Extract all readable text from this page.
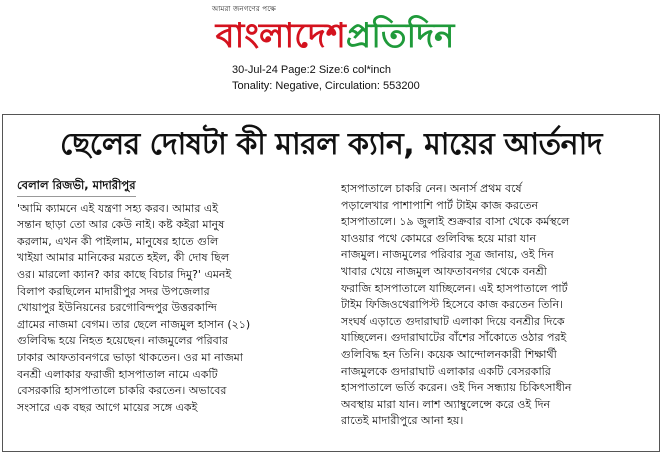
আমরা জনগণের পক্ষে
বাংলাদেশপ্রতিদিন
30-Jul-24 Page:2 Size:6 col*inch
Tonality: Negative, Circulation: 553200
ছেলের দোষটা কী মারল ক্যান, মায়ের আর্তনাদ
বেলাল রিজভী, মাদারীপুর
'আমি ক্যামনে এই যন্ত্রণা সহ্য করব। আমার এই
সন্তান ছাড়া তো আর কেউ নাই। কষ্ট কইরা মানুষ
করলাম, এখন কী পাইলাম, মানুষের হাতে গুলি
খাইয়া আমার মানিকের মরতে হইল, কী দোষ ছিল
ওর। মারলো ক্যান? কার কাছে বিচার দিমু?' এমনই
বিলাপ করছিলেন মাদারীপুর সদর উপজেলার
খোয়াপুর ইউনিয়নের চরগোবিন্দপুর উত্তরকান্দি
গ্রামের নাজমা বেগম। তার ছেলে নাজমুল হাসান (২১)
গুলিবিদ্ধ হয়ে নিহত হয়েছেন। নাজমুলের পরিবার
ঢাকার আফতাবনগরে ভাড়া থাকতেন। ওর মা নাজমা
বনশ্রী এলাকার ফরাজী হাসপাতাল নামে একটি
বেসরকারি হাসপাতালে চাকরি করতেন। অভাবের
সংসারে এক বছর আগে মায়ের সঙ্গে একই
হাসপাতালে চাকরি নেন। অনার্স প্রথম বর্ষে
পড়ালেখার পাশাপাশি পার্ট টাইম কাজ করতেন
হাসপাতালে। ১৯ জুলাই শুক্রবার বাসা থেকে কর্মস্থলে
যাওয়ার পথে কোমরে গুলিবিদ্ধ হয়ে মারা যান
নাজমুল। নাজমুলের পরিবার সূত্র জানায়, ওই দিন
খাবার খেয়ে নাজমুল আফতাবনগর থেকে বনশ্রী
ফরাজি হাসপাতালে যাচ্ছিলেন। এই হাসপাতালে পার্ট
টাইম ফিজিওথেরাপিস্ট হিসেবে কাজ করতেন তিনি।
সংঘর্ষ এড়াতে গুদারাঘাট এলাকা দিয়ে বনশ্রীর দিকে
যাচ্ছিলেন। গুদারাঘাটের বাঁশের সাঁকোতে ওঠার পরই
গুলিবিদ্ধ হন তিনি। কয়েক আন্দোলনকারী শিক্ষার্থী
নাজমুলকে গুদারাঘাট এলাকার একটি বেসরকারি
হাসপাতালে ভর্তি করেন। ওই দিন সন্ধ্যায় চিকিৎসাধীন
অবস্থায় মারা যান। লাশ অ্যাম্বুলেন্সে করে ওই দিন
রাতেই মাদারীপুরে আনা হয়।
